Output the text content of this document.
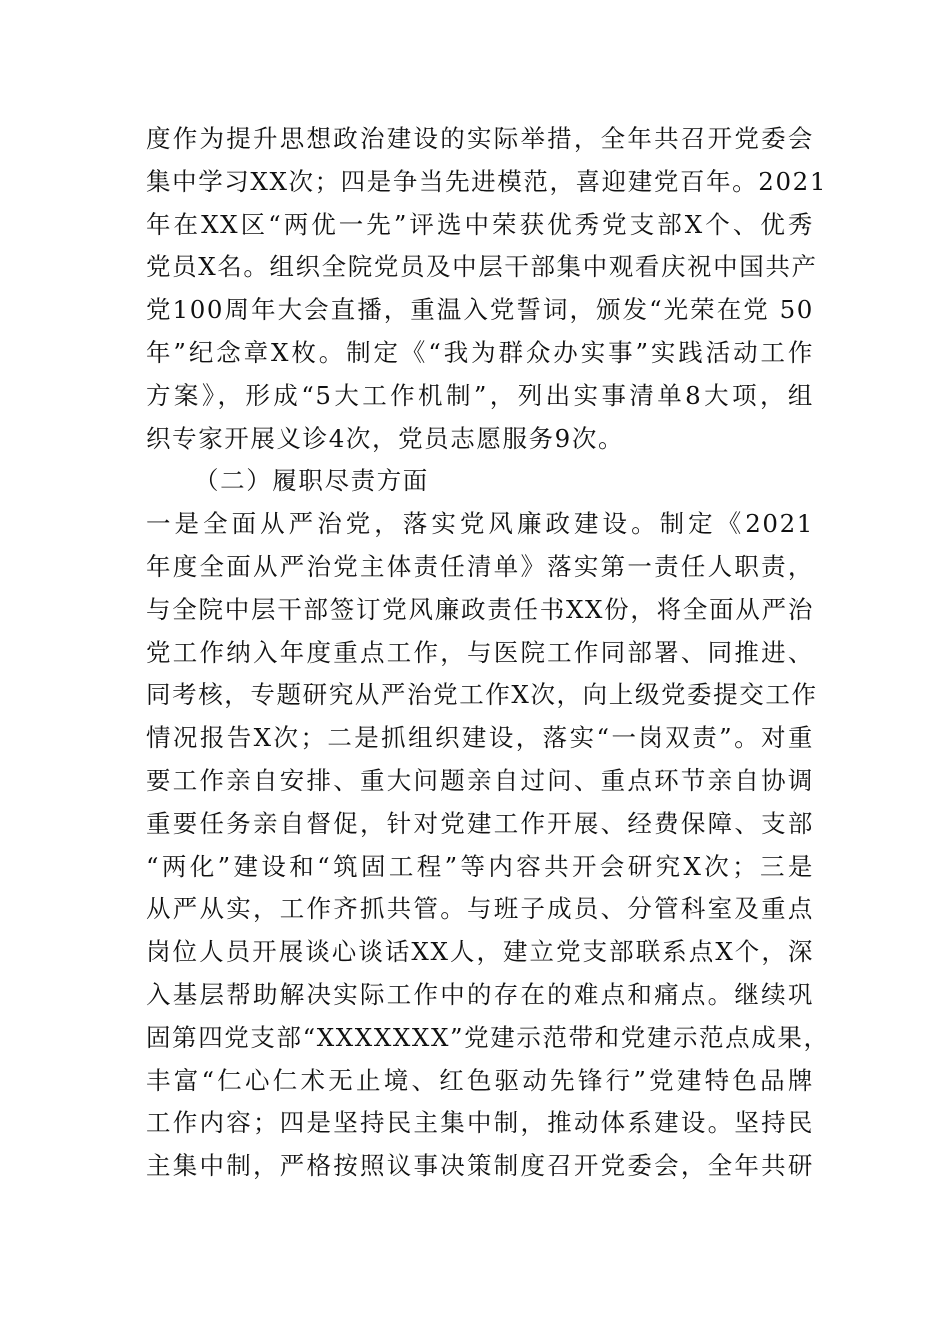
度作为提升思想政治建设的实际举措，全年共召开党委会
集中学习XX次；四是争当先进模范，喜迎建党百年。2021
年在XX区“两优一先”评选中荣获优秀党支部X个、优秀
党员X名。组织全院党员及中层干部集中观看庆祝中国共产
党100周年大会直播，重温入党誓词，颁发“光荣在党 50
年”纪念章X枚。制定《“我为群众办实事”实践活动工作
方案》，形成“5大工作机制”，列出实事清单8大项，组
织专家开展义诊4次，党员志愿服务9次。
（二）履职尽责方面
一是全面从严治党，落实党风廉政建设。制定《2021
年度全面从严治党主体责任清单》落实第一责任人职责，
与全院中层干部签订党风廉政责任书XX份，将全面从严治
党工作纳入年度重点工作，与医院工作同部署、同推进、
同考核，专题研究从严治党工作X次，向上级党委提交工作
情况报告X次；二是抓组织建设，落实“一岗双责”。对重
要工作亲自安排、重大问题亲自过问、重点环节亲自协调
重要任务亲自督促，针对党建工作开展、经费保障、支部
“两化”建设和“筑固工程”等内容共开会研究X次；三是
从严从实，工作齐抓共管。与班子成员、分管科室及重点
岗位人员开展谈心谈话XX人，建立党支部联系点X个，深
入基层帮助解决实际工作中的存在的难点和痛点。继续巩
固第四党支部“XXXXXXX”党建示范带和党建示范点成果，
丰富“仁心仁术无止境、红色驱动先锋行”党建特色品牌
工作内容；四是坚持民主集中制，推动体系建设。坚持民
主集中制，严格按照议事决策制度召开党委会，全年共研
